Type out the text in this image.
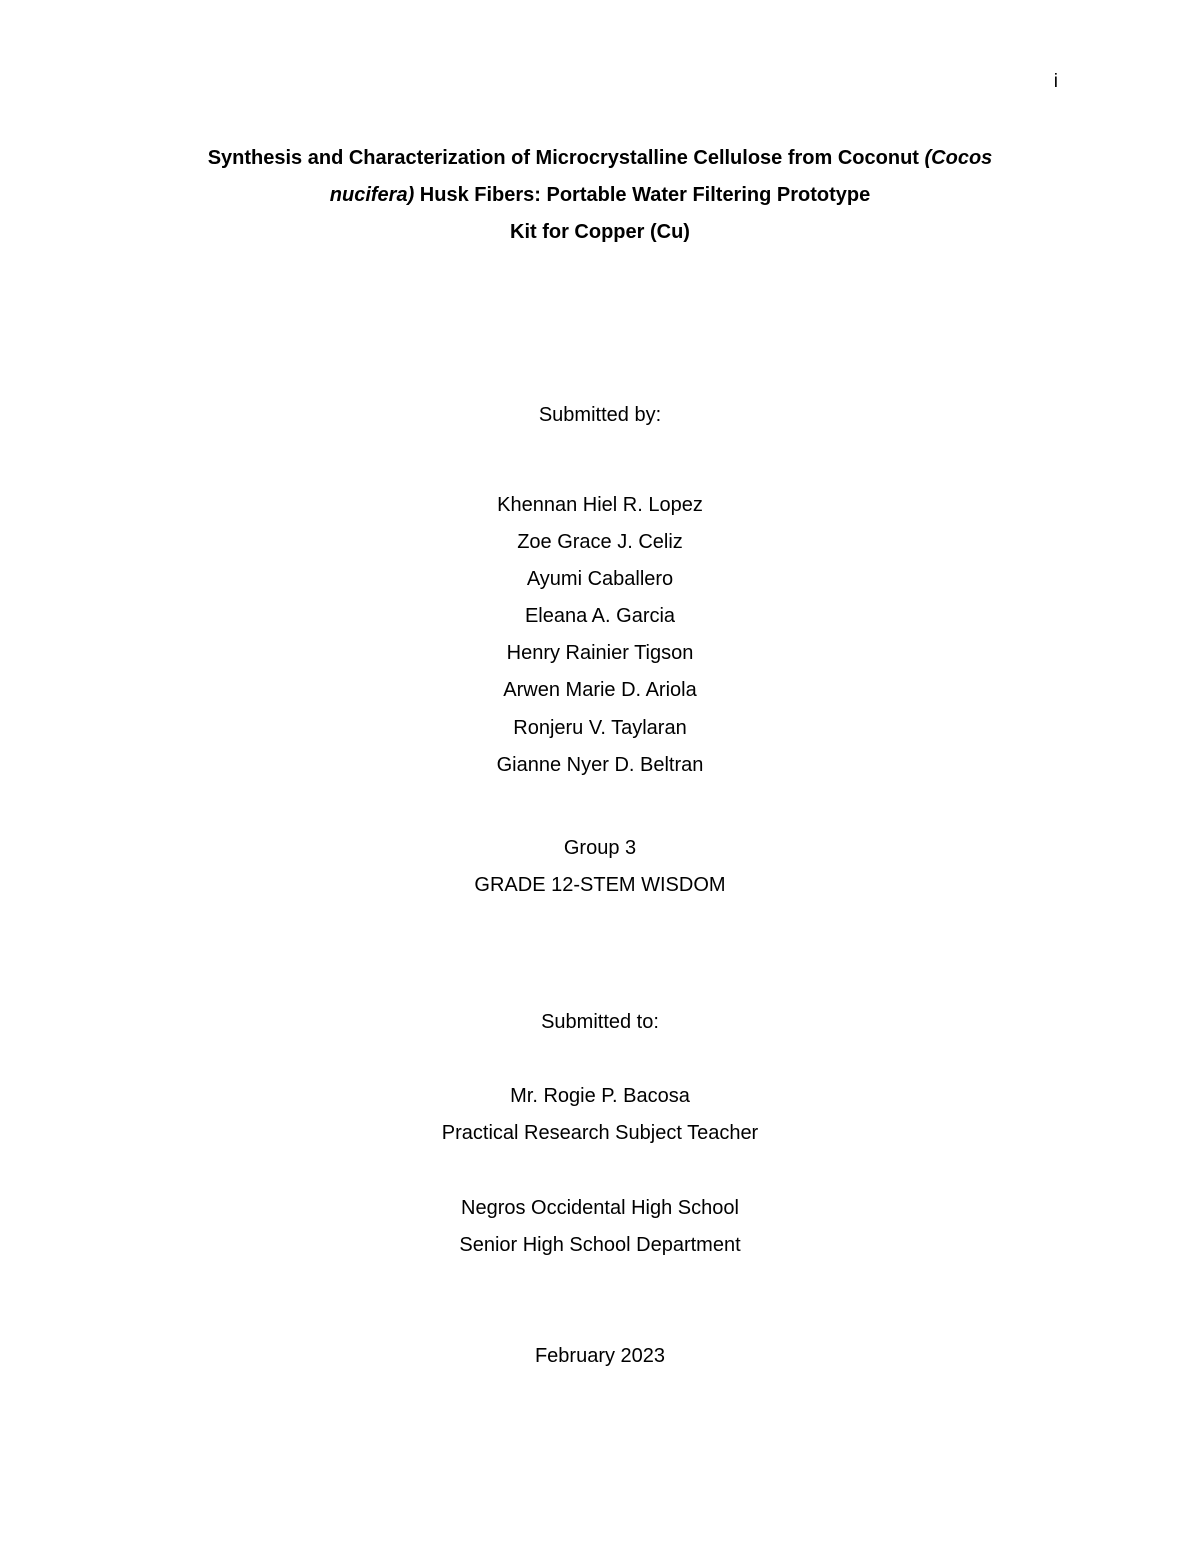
i
Synthesis and Characterization of Microcrystalline Cellulose from Coconut (Cocos
nucifera) Husk Fibers: Portable Water Filtering Prototype
Kit for Copper (Cu)
Submitted by:
Khennan Hiel R. Lopez
Zoe Grace J. Celiz
Ayumi Caballero
Eleana A. Garcia
Henry Rainier Tigson
Arwen Marie D. Ariola
Ronjeru V. Taylaran
Gianne Nyer D. Beltran
Group 3
GRADE 12-STEM WISDOM
Submitted to:
Mr. Rogie P. Bacosa
Practical Research Subject Teacher
Negros Occidental High School
Senior High School Department
February 2023
